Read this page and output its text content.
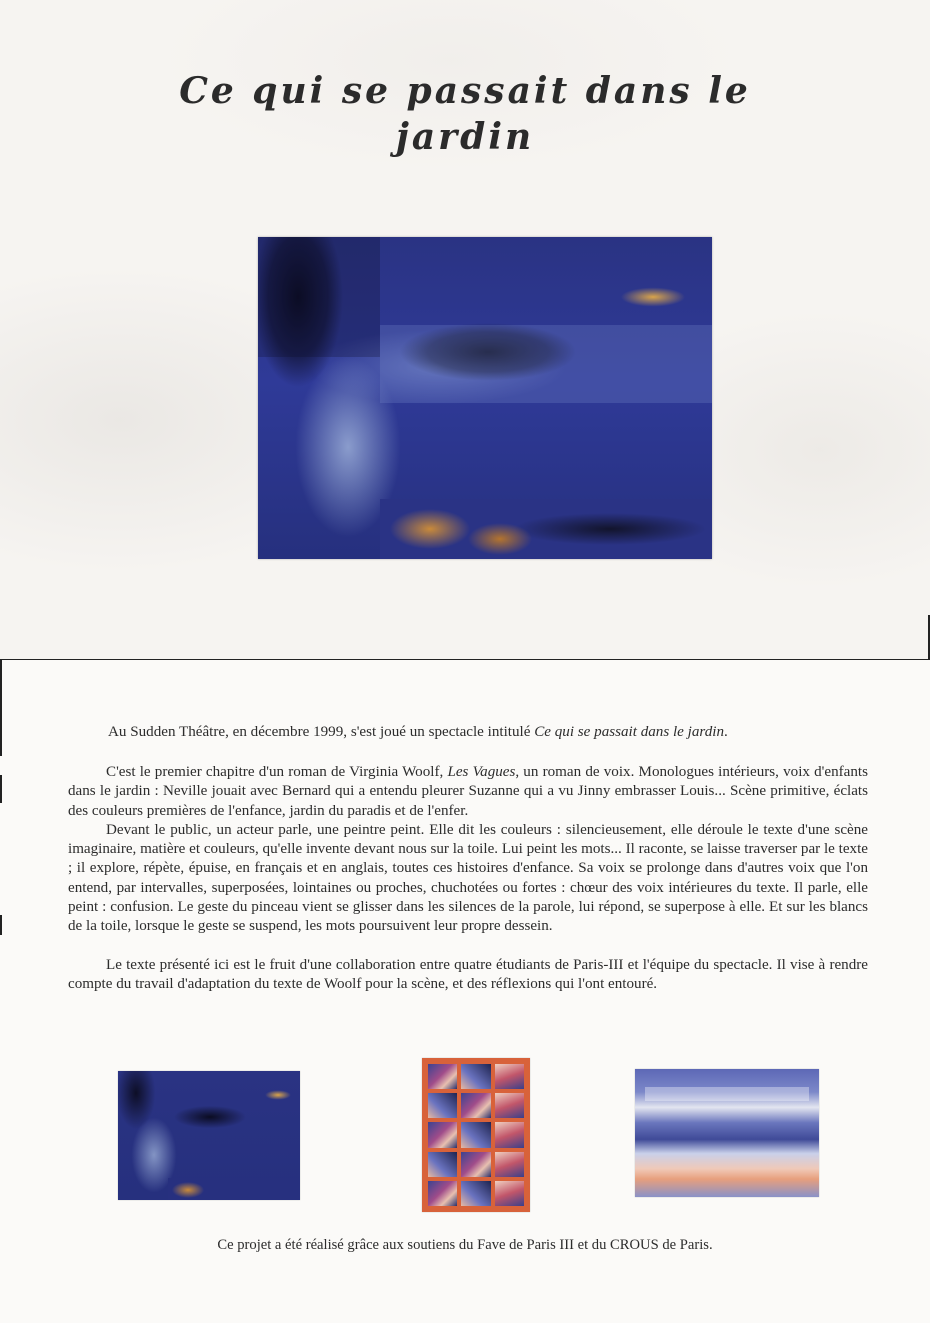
Ce qui se passait dans le
jardin
Au Sudden Théâtre, en décembre 1999, s'est joué un spectacle intitulé Ce qui se passait dans le jardin.

C'est le premier chapitre d'un roman de Virginia Woolf, Les Vagues, un roman de voix. Monologues intérieurs, voix d'enfants dans le jardin : Neville jouait avec Bernard qui a entendu pleurer Suzanne qui a vu Jinny embrasser Louis... Scène primitive, éclats des couleurs premières de l'enfance, jardin du paradis et de l'enfer.

Devant le public, un acteur parle, une peintre peint. Elle dit les couleurs : silencieusement, elle déroule le texte d'une scène imaginaire, matière et couleurs, qu'elle invente devant nous sur la toile. Lui peint les mots... Il raconte, se laisse traverser par le texte ; il explore, répète, épuise, en français et en anglais, toutes ces histoires d'enfance. Sa voix se prolonge dans d'autres voix que l'on entend, par intervalles, superposées, lointaines ou proches, chuchotées ou fortes : chœur des voix intérieures du texte. Il parle, elle peint : confusion. Le geste du pinceau vient se glisser dans les silences de la parole, lui répond, se superpose à elle. Et sur les blancs de la toile, lorsque le geste se suspend, les mots poursuivent leur propre dessein.

Le texte présenté ici est le fruit d'une collaboration entre quatre étudiants de Paris-III et l'équipe du spectacle. Il vise à rendre compte du travail d'adaptation du texte de Woolf pour la scène, et des réflexions qui l'ont entouré.

Ce projet a été réalisé grâce aux soutiens du Fave de Paris III et du CROUS de Paris.
